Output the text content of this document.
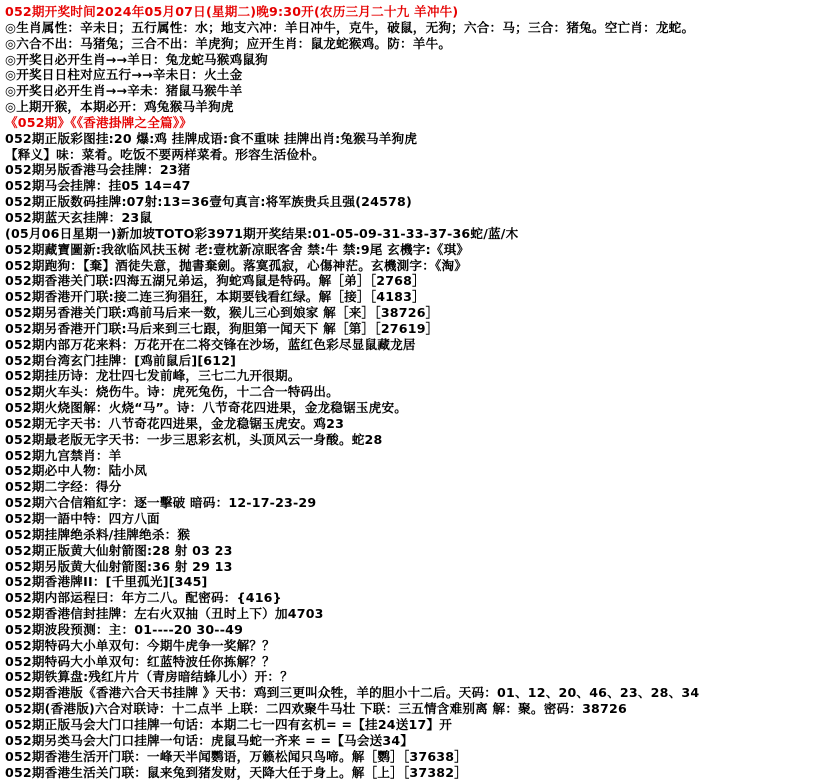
052期开奖时间2024年05月07日(星期二)晚9:30开(农历三月二十九 羊冲牛)
◎生肖属性：辛未日；五行属性：水；地支六冲：羊日冲牛，克牛，破鼠，无狗；六合：马；三合：猪兔。空亡肖：龙蛇。
◎六合不出：马猪兔；三合不出：羊虎狗；应开生肖：鼠龙蛇猴鸡。防：羊牛。
◎开奖日必开生肖→→羊日：兔龙蛇马猴鸡鼠狗
◎开奖日日柱对应五行→→辛未日：火土金
◎开奖日必开生肖→→辛未：猪鼠马猴牛羊
◎上期开猴，本期必开：鸡兔猴马羊狗虎
《052期》《《香港掛牌之全篇》》
052期正版彩图挂:20 爆:鸡 挂牌成语:食不重味 挂牌出肖:兔猴马羊狗虎
【释义】味：菜肴。吃饭不要两样菜肴。形容生活俭朴。
052期另版香港马会挂牌：23猪
052期马会挂牌：挂05 14=47
052期正版数码挂牌:07射:13=36壹句真言:将军族贵兵且强(24578)
052期蓝天玄挂牌：23鼠
(05月06日星期一)新加坡TOTO彩3971期开奖结果:01-05-09-31-33-37-36蛇/蓝/木
052期藏寶圖新:我欲临风扶玉树 老:壹枕新凉眠客舍 禁:牛 禁:9尾 玄機字:《琪》
052期跑狗：【棄】酒徒失意，抛書棄劍。落寞孤寂，心傷神茫。玄機測字：《淘》
052期香港关门联:四海五湖兄弟运，狗蛇鸡鼠是特码。解［弟］［2768］
052期香港开门联:接二连三狗猖狂，本期要钱看红绿。解［接］［4183］
052期另香港关门联:鸡前马后来一数，猴儿三心到娘家 解［来］［38726］
052期另香港开门联:马后来到三七跟，狗胆第一闻天下 解［第］［27619］
052期内部万花来料：万花开在二将交锋在沙场，蓝红色彩尽显鼠藏龙居
052期台湾玄门挂牌：[鸡前鼠后][612]
052期挂历诗：龙壮四七发前峰，三七二九开很期。
052期火车头：烧伤牛。诗：虎死兔伤，十二合一特码出。
052期火烧图解：火烧“马”。诗：八节奇花四进果，金龙稳锯玉虎安。
052期无字天书：八节奇花四进果，金龙稳锯玉虎安。鸡23
052期最老版无字天书：一步三思彩玄机，头顶风云一身酸。蛇28
052期九宫禁肖：羊
052期必中人物：陆小凤
052期二字经：得分
052期六合信箱紅字：逐一擊破 暗码：12-17-23-29
052期一語中特：四方八面
052期挂牌绝杀料/挂牌绝杀：猴
052期正版黄大仙射箭图:28 射 03 23
052期另版黄大仙射箭图:36 射 29 13
052期香港牌II：[千里孤光][345]
052期内部运程曰：年方二八。配密码：{416}
052期香港信封挂牌：左右火双抽（丑时上下）加4703
052期波段预测：主：01----20 30--49
052期特码大小单双句：今期牛虎争一奖解？？
052期特码大小单双句：红蓝特波任你拣解？？
052期铁算盘:残红片片（青房暗结蜂儿小）开：？
052期香港版《香港六合天书挂牌 》天书：鸡到三更叫众牲，羊的胆小十二后。天码：01、12、20、46、23、28、34
052期(香港版)六合对联诗：十二点半 上联：二四欢聚牛马壮 下联：三五情含难别离 解：聚。密码：38726
052期正版马会大门口挂牌一句话：本期二七一四有玄机= =【挂24送17】开
052期另类马会大门口挂牌一句话：虎鼠马蛇一齐来 = =【马会送34】
052期香港生活开门联：一峰天半闻鹦语，万籁松闻只鸟啼。解［鹦］［37638］
052期香港生活关门联：鼠来兔到猪发财，天降大任于身上。解［上］［37382］
